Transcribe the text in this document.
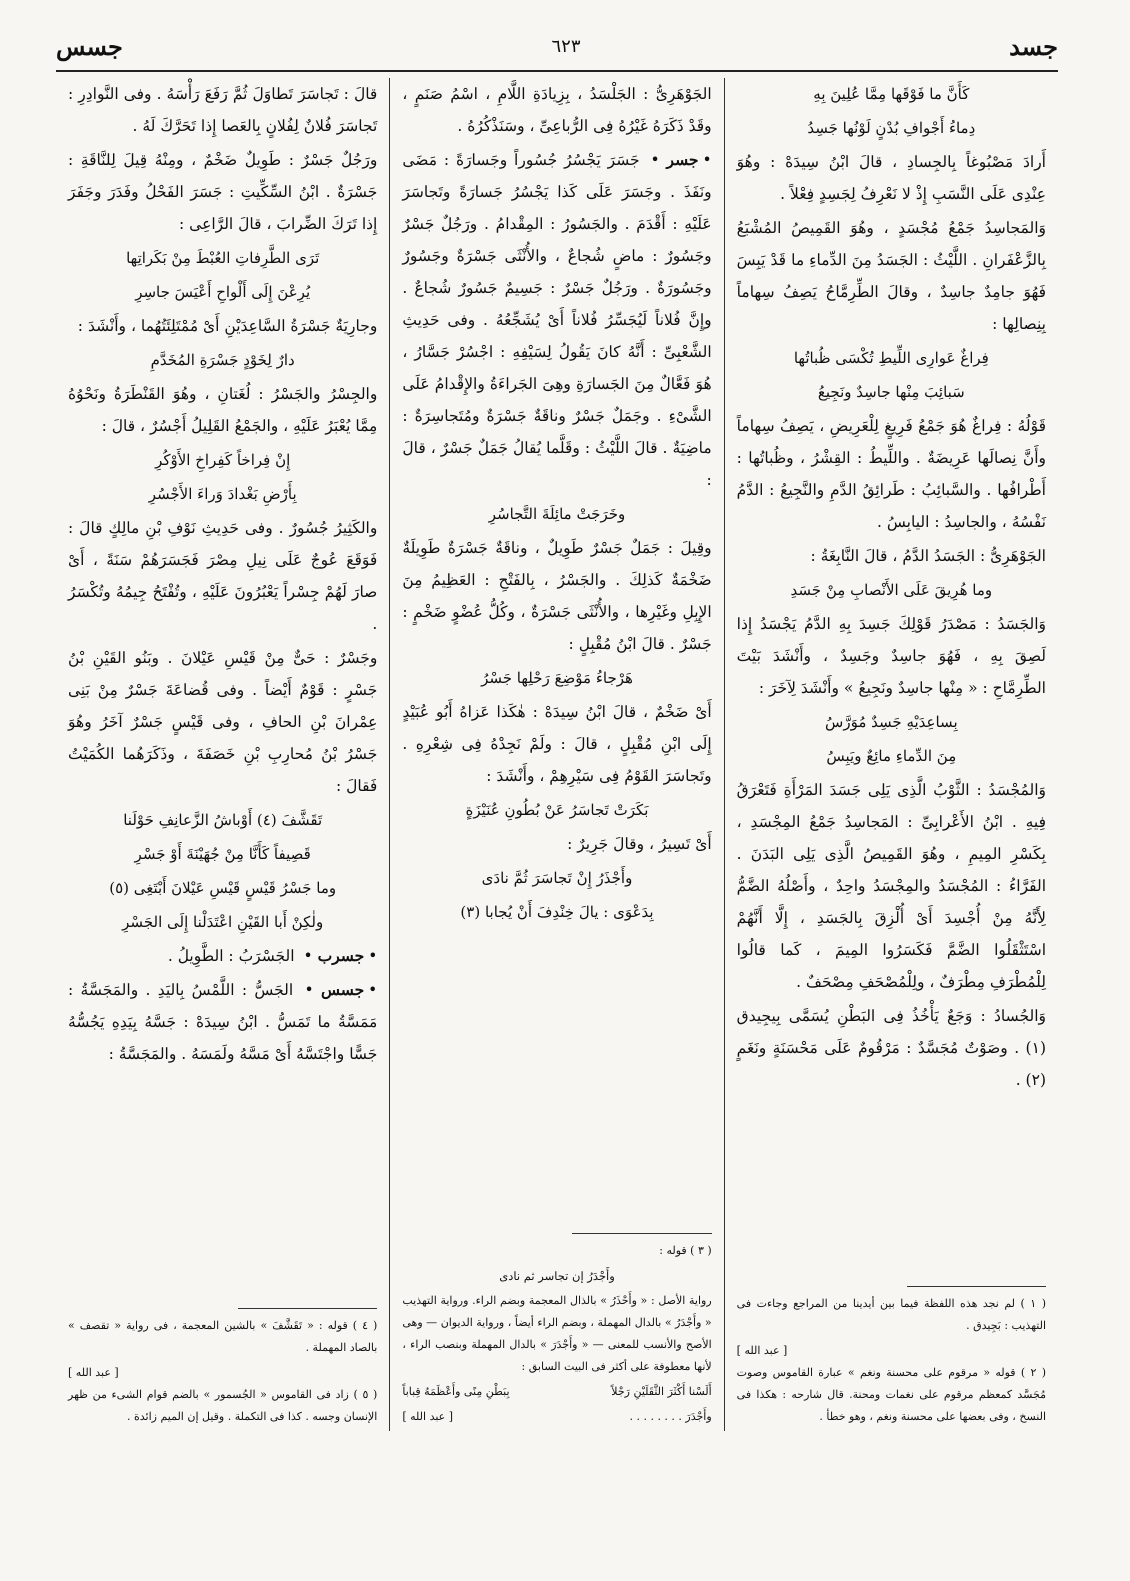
جسد
٦٢٣
جسس

كَأَنَّ ما فَوْقَها مِمَّا عُلِينَ بِهِ

دِماءُ أَجْوافِ بُدْنٍ لَوْنُها جَسِدُ

أَرادَ مَصْبُوغاً بِالجِسادِ ، قالَ ابْنُ سِيدَهْ : وهُوَ عِنْدِى عَلَى النَّسَبِ إِذْ لا نَعْرِفُ لِجَسِدٍ فِعْلاً .

وَالمَجاسِدُ جَمْعُ مُجْسَدٍ ، وهُوَ القَمِيصُ المُشْبَعُ بِالزَّعْفَرانِ . اللَّيْثُ : الجَسَدُ مِنَ الدِّماءِ ما قَدْ يَبِسَ فَهُوَ جامِدٌ جاسِدٌ ، وقالَ الطِّرِمَّاحُ يَصِفُ سِهاماً بِنِصالِها :

فِراغٌ عَوارِى اللِّيطِ تُكْسَى ظُباتُها

سَبائِبَ مِنْها جاسِدٌ ونَجِيعُ

قَوْلُهُ : فِراغٌ هُوَ جَمْعُ فَرِيغٍ لِلْعَرِيضِ ، يَصِفُ سِهاماً وأَنَّ نِصالَها عَرِيضَةٌ . واللِّيطُ : القِشْرُ ، وظُباتُها : أَطْرافُها . والسَّبائِبُ : طَرائِقُ الدَّمِ والنَّجِيعُ : الدَّمُ نَفْسُهُ ، والجاسِدُ : اليابِسُ .

الجَوْهَرِىُّ : الجَسَدُ الدَّمُ ، قالَ النَّابِغَةُ :

وما هُرِيقَ عَلَى الأَنْصابِ مِنْ جَسَدِ

وَالجَسَدُ : مَصْدَرُ قَوْلِكَ جَسِدَ بِهِ الدَّمُ يَجْسَدُ إِذا لَصِقَ بِهِ ، فَهُوَ جاسِدٌ وجَسِدٌ ، وأَنْشَدَ بَيْتَ الطِّرِمَّاحِ : « مِنْها جاسِدٌ ونَجِيعُ » وأَنْشَدَ لِآخَرَ :

بِساعِدَيْهِ جَسِدٌ مُوَرَّسُ

مِنَ الدِّماءِ مائِعٌ ويَبِسُ

وَالمُجْسَدُ : الثَّوْبُ الَّذِى يَلِى جَسَدَ المَرْأَةِ فَتَعْرَقُ فِيهِ . ابْنُ الأَعْرابِىِّ : المَجاسِدُ جَمْعُ المِجْسَدِ ، بِكَسْرِ المِيمِ ، وهُوَ القَمِيصُ الَّذِى يَلِى البَدَنَ . الفَرَّاءُ : المُجْسَدُ والمِجْسَدُ واحِدٌ ، وأَصْلُهُ الضَّمُّ لِأَنَّهُ مِنْ أُجْسِدَ أَىْ أُلْزِقَ بِالجَسَدِ ، إِلَّا أَنَّهُمْ اسْتَثْقَلُوا الضَّمَّ فَكَسَرُوا المِيمَ ، كَما قالُوا لِلْمُطْرَفِ مِطْرَفٌ ، ولِلْمُصْحَفِ مِصْحَفٌ .

وَالجُسادُ : وَجَعٌ يَأْخُذُ فِى البَطْنِ يُسَمَّى بِيجِيدق (١) . وصَوْتٌ مُجَسَّدٌ : مَرْقُومٌ عَلَى مَحْسَنَةٍ ونَغَمٍ (٢) .

( ١ ) لم نجد هذه اللفظة فيما بين أيدينا من المراجع وجاءت فى التهذيب : بَجِيدق .

[ عبد الله ]

( ٢ ) قوله « مرقوم على محسنة ونغم » عبارة القاموس وصوت مُجَسَّد كمعظم مرقوم على نغمات ومحنة. قال شارحه : هكذا فى النسخ ، وفى بعضها على محسنة ونغم ، وهو خطأ .

الجَوْهَرِىُّ : الجَلْسَدُ ، بِزِيادَةِ اللَّامِ ، اسْمُ صَنَمٍ ، وقَدْ ذَكَرَهُ غَيْرُهُ فِى الرُّباعِىِّ ، وسَنَذْكُرُهُ .

•جسر • جَسَرَ يَجْسُرُ جُسُوراً وجَسارَةً : مَضَى ونَفَذَ . وجَسَرَ عَلَى كَذا يَجْسُرُ جَسارَةً وتَجاسَرَ عَلَيْهِ : أَقْدَمَ . والجَسُورُ : المِقْدامُ . ورَجُلٌ جَسْرٌ وجَسُورٌ : ماضٍ شُجاعٌ ، والأُنْثَى جَسْرَةٌ وجَسُورٌ وجَسُورَةٌ . ورَجُلٌ جَسْرٌ : جَسِيمٌ جَسُورٌ شُجاعٌ . وإِنَّ فُلاناً لَيُجَسِّرُ فُلاناً أَىْ يُشَجِّعُهُ . وفى حَدِيثِ الشَّعْبِىِّ : أَنَّهُ كانَ يَقُولُ لِسَيْفِهِ : اجْسُرْ جَسَّارُ ، هُوَ فَعَّالٌ مِنَ الجَسارَةِ وهِىَ الجَراءَةُ والإِقْدامُ عَلَى الشَّىْءِ . وجَمَلٌ جَسْرٌ وناقَةٌ جَسْرَةٌ ومُتَجاسِرَةٌ : ماضِيَةٌ . قالَ اللَّيْثُ : وقَلَّما يُقالُ جَمَلٌ جَسْرٌ ، قالَ :

وخَرَجَتْ مائِلَةَ التَّجاسُرِ

وقِيلَ : جَمَلٌ جَسْرٌ طَوِيلٌ ، وناقَةٌ جَسْرَةٌ طَوِيلَةٌ ضَخْمَةٌ كَذلِكَ . والجَسْرُ ، بِالفَتْحِ : العَظِيمُ مِنَ الإِبِلِ وغَيْرِها ، والأُنْثَى جَسْرَةٌ ، وكُلُّ عُضْوٍ ضَخْمٍ : جَسْرٌ . قالَ ابْنُ مُقْبِلٍ :

هَرْجاءُ مَوْضِعَ رَحْلِها جَسْرُ

أَىْ ضَخْمٌ ، قالَ ابْنُ سِيدَهْ : هٰكَذا عَزاهُ أَبُو عُبَيْدٍ إِلَى ابْنِ مُقْبِلٍ ، قالَ : ولَمْ نَجِدْهُ فِى شِعْرِهِ . وتَجاسَرَ القَوْمُ فِى سَيْرِهِمْ ، وأَنْشَدَ :

بَكَرَتْ تَجاسَرُ عَنْ بُطُونِ عُنَيْزَةٍ

أَىْ تَسِيرُ ، وقالَ جَرِيرٌ :

وأَجْذَرُ إِنْ تَجاسَرَ ثُمَّ نادَى

بِدَعْوَى : يالَ خِنْدِفَ أَنْ يُجابا (٣)

( ٣ ) قوله :

وأَجْدَرُ إن تجاسر ثم نادى

رواية الأصل : « وأَحْذَرُ » بالذال المعجمة وبضم الراء. ورواية التهذيب « وأَجْدَرُ » بالدال المهملة ، وبضم الراء أيضاً ، ورواية الديوان — وهى الأصح والأنسب للمعنى — « وأَجْدَرَ » بالدال المهملة وبنصب الراء ، لأنها معطوفة على أكثر فى البيت السابق :

أَلَسْنا أَكْثَرَ الثَّقَلَيْنِ رَجْلاً
بِبَطْنِ مِنًى وأَعْظَمَهُ قِباباً

وأَجْدَرَ . . . . . . . .
[ عبد الله ]

قالَ : تَجاسَرَ تَطاوَلَ ثُمَّ رَفَعَ رَأْسَهُ . وفى النَّوادِرِ : تَجاسَرَ فُلانٌ لِفُلانٍ بِالعَصا إِذا تَحَرَّكَ لَهُ .

ورَجُلٌ جَسْرٌ : طَوِيلٌ ضَخْمٌ ، ومِنْهُ قِيلَ لِلنَّاقَةِ : جَسْرَةٌ . ابْنُ السِّكِّيتِ : جَسَرَ الفَحْلُ وفَدَرَ وجَفَرَ إِذا تَرَكَ الضِّرابَ ، قالَ الرَّاعِى :

تَرَى الطَّرِفاتِ العُبْطَ مِنْ بَكَراتِها

يُرِعْنَ إِلَى أَلْواحِ أَعْيَسَ جاسِرِ

وجارِيَةٌ جَسْرَةُ السَّاعِدَيْنِ أَىْ مُمْتَلِئَتُهُما ، وأَنْشَدَ :

دارٌ لِخَوْدٍ جَسْرَةِ المُخَدَّمِ

والجِسْرُ والجَسْرُ : لُغَتانِ ، وهُوَ القَنْطَرَةُ ونَحْوُهُ مِمَّا يُعْبَرُ عَلَيْهِ ، والجَمْعُ القَلِيلُ أَجْسُرٌ ، قالَ :

إِنْ فِراخاً كَفِراخِ الأَوْكُرِ

بِأَرْضِ بَغْدادَ وَراءَ الأَجْسُرِ

والكَثِيرُ جُسُورٌ . وفى حَدِيثِ نَوْفِ بْنِ مالِكٍ قالَ : فَوَقَعَ عُوجٌ عَلَى نِيلِ مِصْرَ فَجَسَرَهُمْ سَنَةً ، أَىْ صارَ لَهُمْ جِسْراً يَعْبُرُونَ عَلَيْهِ ، وتُفْتَحُ جِيمُهُ وتُكْسَرُ .

وجَسْرٌ : حَىٌّ مِنْ قَيْسِ عَيْلانَ . وبَنُو القَيْنِ بْنُ جَسْرٍ : قَوْمٌ أَيْضاً . وفى قُضاعَةَ جَسْرٌ مِنْ بَنِى عِمْرانَ بْنِ الحافِ ، وفى قَيْسٍ جَسْرٌ آخَرُ وهُوَ جَسْرُ بْنُ مُحارِبِ بْنِ خَصَفَةَ ، وذَكَرَهُما الكُمَيْتُ فَقالَ :

تَقَشَّفَ (٤) أَوْباشُ الزَّعانِفِ حَوْلَنا

قَصِيفاً كَأَنَّا مِنْ جُهَيْنَةَ أَوْ جَسْرِ

وما جَسْرُ قَيْسٍ قَيْسِ عَيْلانَ أَبْتَغِى (٥)

ولٰكِنْ أَبا القَيْنِ اعْتَدَلْنا إِلَى الجَسْرِ

•جسرب • الجَسْرَبُ : الطَّوِيلُ .

•جسس • الجَسُّ : اللَّمْسُ بِاليَدِ . والمَجَسَّةُ : مَمَسَّةُ ما تَمَسُّ . ابْنُ سِيدَهْ : جَسَّهُ بِيَدِهِ يَجُسُّهُ جَسًّا واجْتَسَّهُ أَىْ مَسَّهُ ولَمَسَهُ . والمَجَسَّةُ :

( ٤ ) قوله : « تَقَشَّفَ » بالشين المعجمة ، فى رواية « تقصف » بالصاد المهملة .

[ عبد الله ]

( ٥ ) زاد فى القاموس « الجُسمور » بالضم قوام الشىء من ظهر الإنسان وجسه . كذا فى التكملة . وقيل إن الميم زائدة .
